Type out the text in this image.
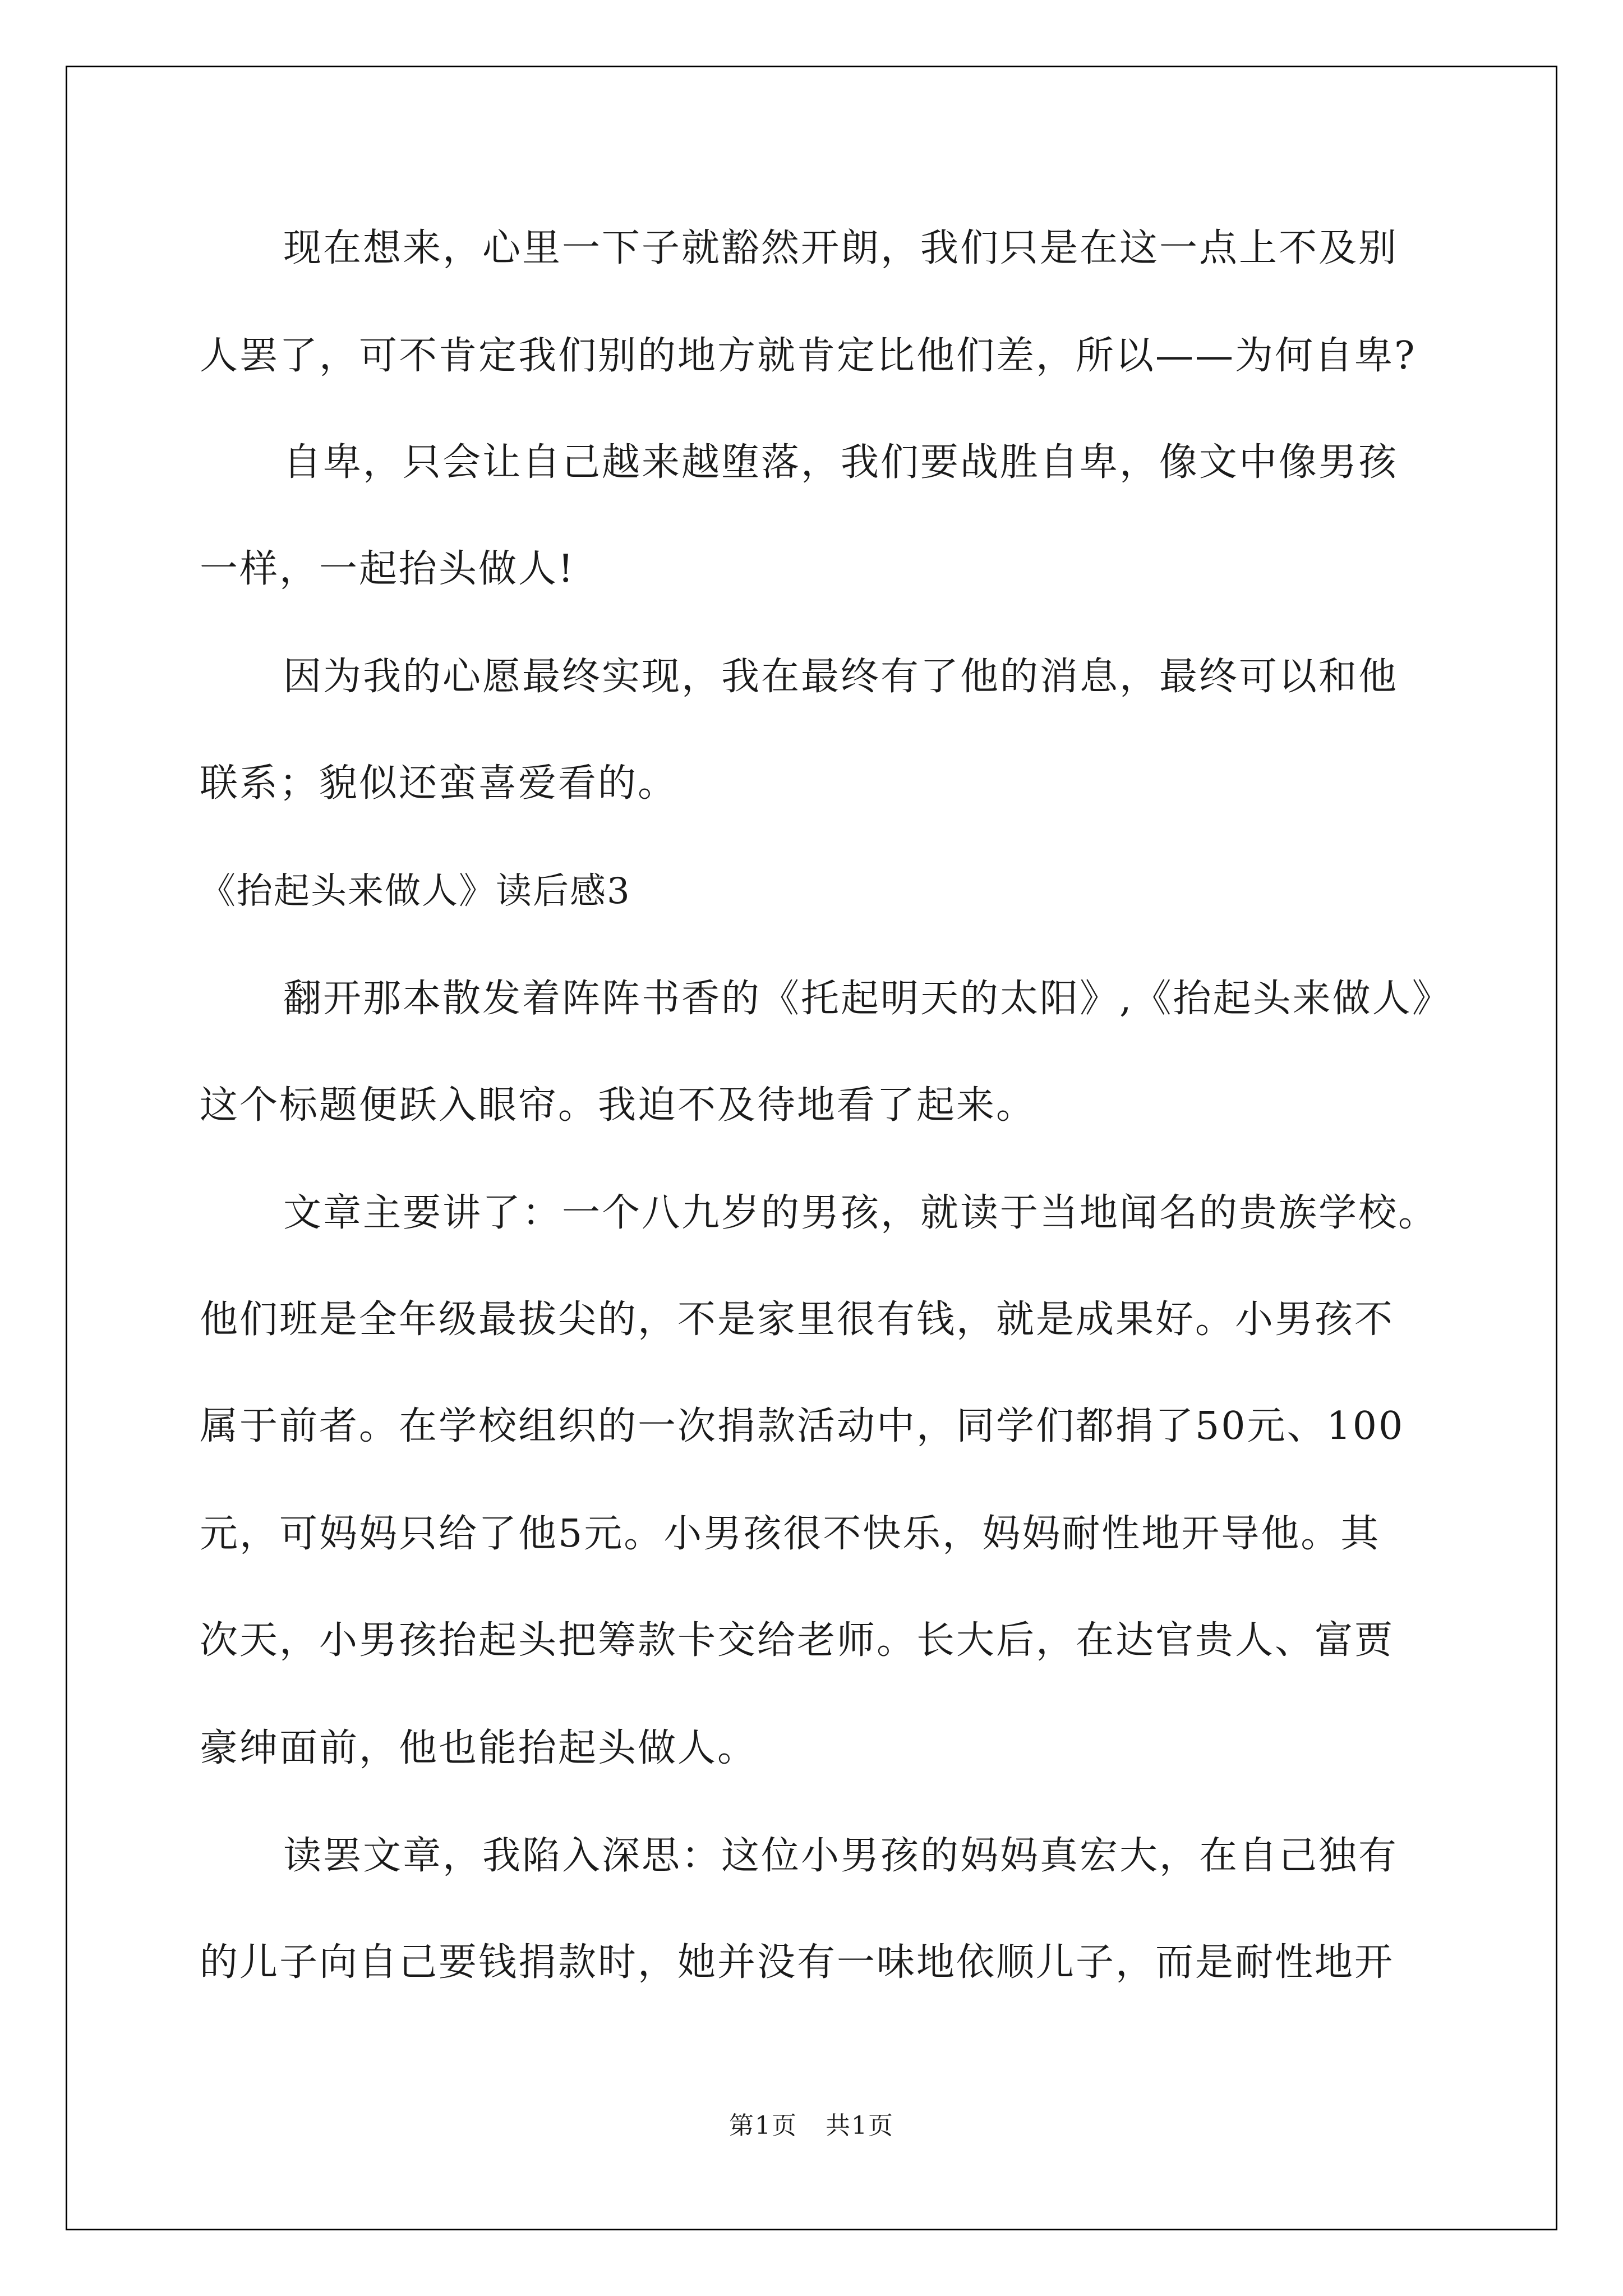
现在想来，心里一下子就豁然开朗，我们只是在这一点上不及别
人罢了，可不肯定我们别的地方就肯定比他们差，所以——为何自卑?
自卑，只会让自己越来越堕落，我们要战胜自卑，像文中像男孩
一样，一起抬头做人!
因为我的心愿最终实现，我在最终有了他的消息，最终可以和他
联系；貌似还蛮喜爱看的。
《抬起头来做人》读后感3
翻开那本散发着阵阵书香的《托起明天的太阳》,《抬起头来做人》
这个标题便跃入眼帘。我迫不及待地看了起来。
文章主要讲了：一个八九岁的男孩，就读于当地闻名的贵族学校。
他们班是全年级最拔尖的，不是家里很有钱，就是成果好。小男孩不
属于前者。在学校组织的一次捐款活动中，同学们都捐了50元、100
元，可妈妈只给了他5元。小男孩很不快乐，妈妈耐性地开导他。其
次天，小男孩抬起头把筹款卡交给老师。长大后，在达官贵人、富贾
豪绅面前，他也能抬起头做人。
读罢文章，我陷入深思：这位小男孩的妈妈真宏大，在自己独有
的儿子向自己要钱捐款时，她并没有一味地依顺儿子，而是耐性地开
第1页 共1页
